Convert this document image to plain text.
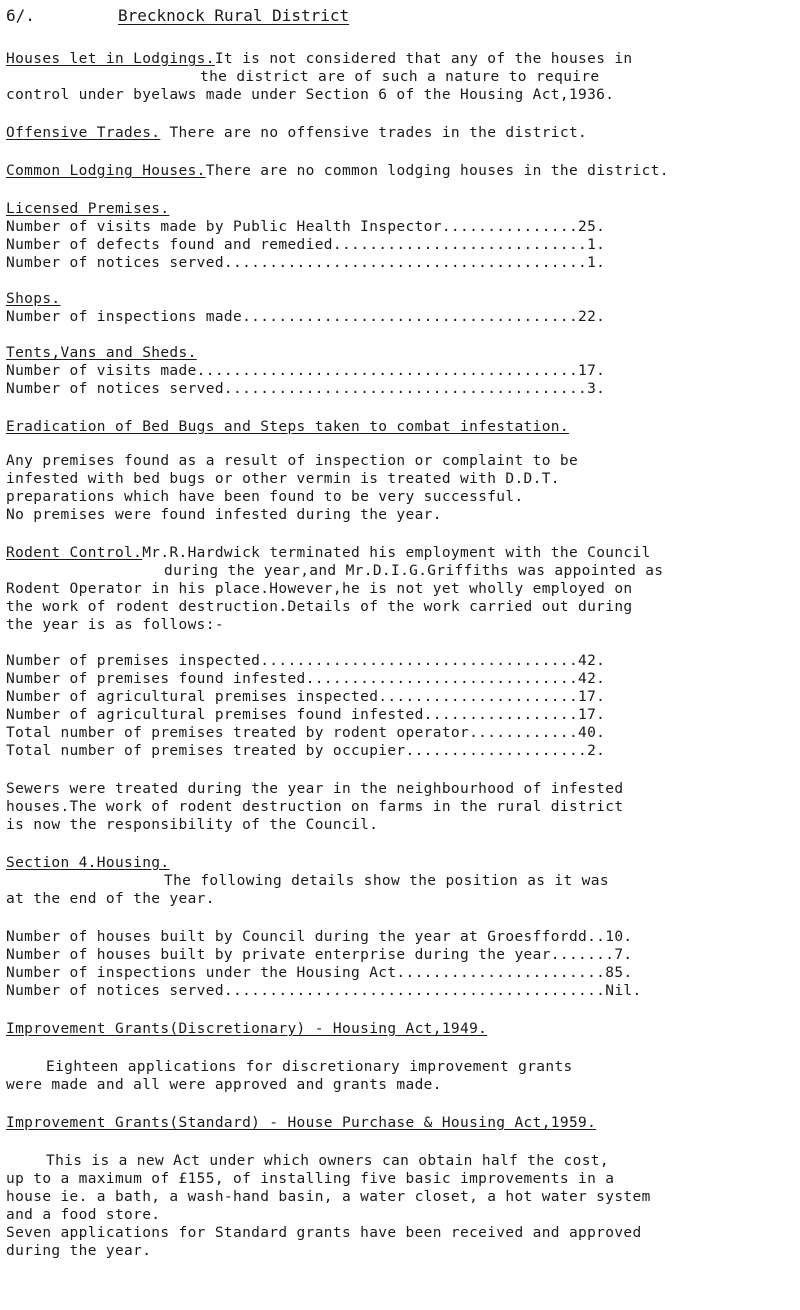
6/.	Brecknock Rural District
Houses let in Lodgings.It is not considered that any of the houses in
the district are of such a nature to require
control under byelaws made under Section 6 of the Housing Act,1936.
Offensive Trades. There are no offensive trades in the district.
Common Lodging Houses.There are no common lodging houses in the district.
Licensed Premises.
Number of visits made by Public Health Inspector...............25.
Number of defects found and remedied............................1.
Number of notices served........................................1.
Shops.
Number of inspections made.....................................22.
Tents,Vans and Sheds.
Number of visits made..........................................17.
Number of notices served........................................3.
Eradication of Bed Bugs and Steps taken to combat infestation.
Any premises found as a result of inspection or complaint to be
infested with bed bugs or other vermin is treated with D.D.T.
preparations which have been found to be very successful.
No premises were found infested during the year.
Rodent Control.Mr.R.Hardwick terminated his employment with the Council
during the year,and Mr.D.I.G.Griffiths was appointed as
Rodent Operator in his place.However,he is not yet wholly employed on
the work of rodent destruction.Details of the work carried out during
the year is as follows:-
Number of premises inspected...................................42.
Number of premises found infested..............................42.
Number of agricultural premises inspected......................17.
Number of agricultural premises found infested.................17.
Total number of premises treated by rodent operator............40.
Total number of premises treated by occupier....................2.
Sewers were treated during the year in the neighbourhood of infested
houses.The work of rodent destruction on farms in the rural district
is now the responsibility of the Council.
Section 4.Housing.
The following details show the position as it was
at the end of the year.
Number of houses built by Council during the year at Groesffordd..10.
Number of houses built by private enterprise during the year.......7.
Number of inspections under the Housing Act.......................85.
Number of notices served..........................................Nil.
Improvement Grants(Discretionary) - Housing Act,1949.
Eighteen applications for discretionary improvement grants
were made and all were approved and grants made.
Improvement Grants(Standard) - House Purchase & Housing Act,1959.
This is a new Act under which owners can obtain half the cost,
up to a maximum of £155, of installing five basic improvements in a
house ie. a bath, a wash-hand basin, a water closet, a hot water system
and a food store.
Seven applications for Standard grants have been received and approved
during the year.
